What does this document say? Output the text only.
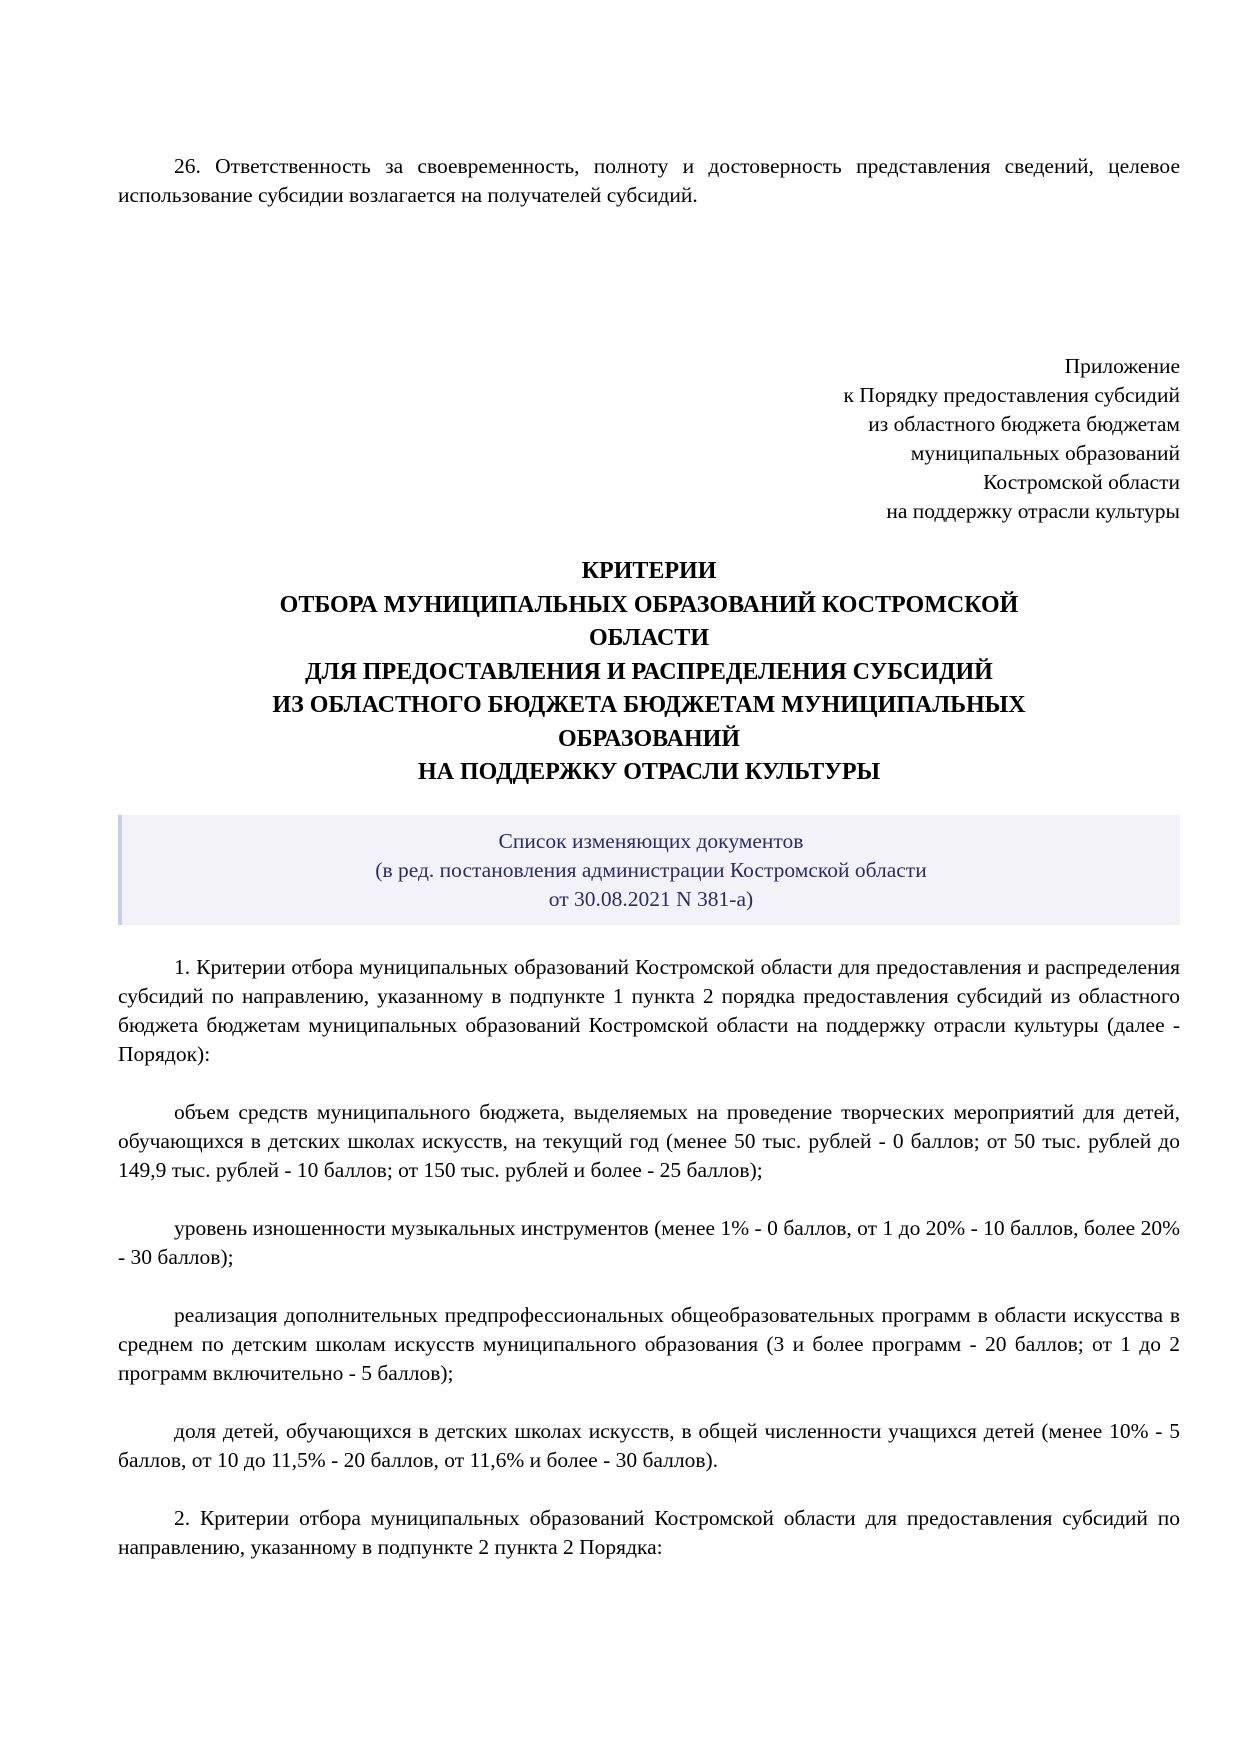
26. Ответственность за своевременность, полноту и достоверность представления сведений, целевое использование субсидии возлагается на получателей субсидий.

Приложение
к Порядку предоставления субсидий
из областного бюджета бюджетам
муниципальных образований
Костромской области
на поддержку отрасли культуры
КРИТЕРИИ
ОТБОРА МУНИЦИПАЛЬНЫХ ОБРАЗОВАНИЙ КОСТРОМСКОЙ
ОБЛАСТИ
ДЛЯ ПРЕДОСТАВЛЕНИЯ И РАСПРЕДЕЛЕНИЯ СУБСИДИЙ
ИЗ ОБЛАСТНОГО БЮДЖЕТА БЮДЖЕТАМ МУНИЦИПАЛЬНЫХ
ОБРАЗОВАНИЙ
НА ПОДДЕРЖКУ ОТРАСЛИ КУЛЬТУРЫ
Список изменяющих документов
(в ред. постановления администрации Костромской области
от 30.08.2021 N 381-а)

1. Критерии отбора муниципальных образований Костромской области для предоставления и распределения субсидий по направлению, указанному в подпункте 1 пункта 2 порядка предоставления субсидий из областного бюджета бюджетам муниципальных образований Костромской области на поддержку отрасли культуры (далее - Порядок):

объем средств муниципального бюджета, выделяемых на проведение творческих мероприятий для детей, обучающихся в детских школах искусств, на текущий год (менее 50 тыс. рублей - 0 баллов; от 50 тыс. рублей до 149,9 тыс. рублей - 10 баллов; от 150 тыс. рублей и более - 25 баллов);

уровень изношенности музыкальных инструментов (менее 1% - 0 баллов, от 1 до 20% - 10 баллов, более 20% - 30 баллов);

реализация дополнительных предпрофессиональных общеобразовательных программ в области искусства в среднем по детским школам искусств муниципального образования (3 и более программ - 20 баллов; от 1 до 2 программ включительно - 5 баллов);

доля детей, обучающихся в детских школах искусств, в общей численности учащихся детей (менее 10% - 5 баллов, от 10 до 11,5% - 20 баллов, от 11,6% и более - 30 баллов).

2. Критерии отбора муниципальных образований Костромской области для предоставления субсидий по направлению, указанному в подпункте 2 пункта 2 Порядка:
